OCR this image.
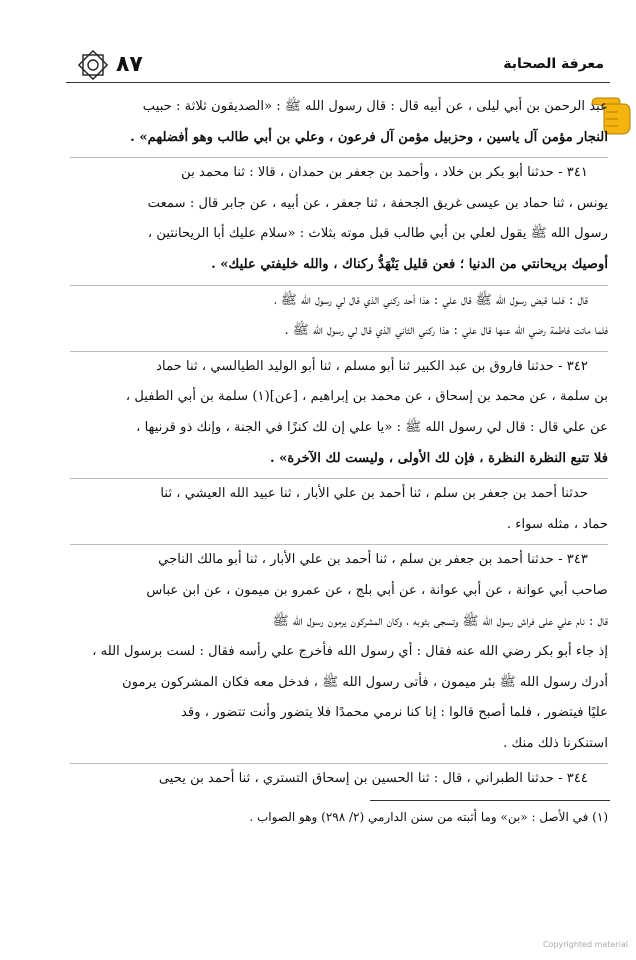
٨٧	معرفة الصحابة

عبد الرحمن بن أبي ليلى ، عن أبيه قال : قال رسول الله ﷺ : «الصديقون ثلاثة : حبيب
النجار مؤمن آل ياسين ، وحزبيل مؤمن آل فرعون ، وعلي بن أبي طالب وهو أفضلهم» .

٣٤١ - حدثنا أبو بكر بن خلاد ، وأحمد بن جعفر بن حمدان ، قالا : ثنا محمد بن
يونس ، ثنا حماد بن عيسى غريق الجحفة ، ثنا جعفر ، عن أبيه ، عن جابر قال : سمعت
رسول الله ﷺ يقول لعلي بن أبي طالب قبل موته بثلاث : «سلام عليك أبا الريحانتين ،
أوصيك بريحانتي من الدنيا ؛ فعن قليل يَنْهَدُّ ركناك ، والله خليفتي عليك» .

قال : فلما قبض رسول الله ﷺ قال علي : هذا أحد ركني الذي قال لي رسول الله ﷺ ،
فلما ماتت فاطمة رضي الله عنها قال علي : هذا ركني الثاني الذي قال لي رسول الله ﷺ .

٣٤٢ - حدثنا فاروق بن عبد الكبير ثنا أبو مسلم ، ثنا أبو الوليد الطيالسي ، ثنا حماد
بن سلمة ، عن محمد بن إسحاق ، عن محمد بن إبراهيم ، [عن](١) سلمة بن أبي الطفيل ،
عن علي قال : قال لي رسول الله ﷺ : «يا علي إن لك كنزًا في الجنة ، وإنك ذو قرنيها ،
فلا تتبع النظرة النظرة ، فإن لك الأولى ، وليست لك الآخرة» .

حدثنا أحمد بن جعفر بن سلم ، ثنا أحمد بن علي الأبار ، ثنا عبيد الله العيشي ، ثنا
حماد ، مثله سواء .

٣٤٣ - حدثنا أحمد بن جعفر بن سلم ، ثنا أحمد بن علي الأبار ، ثنا أبو مالك الناجي
صاحب أبي عوانة ، عن أبي عوانة ، عن أبي بلج ، عن عمرو بن ميمون ، عن ابن عباس
قال : نام علي على فراش رسول الله ﷺ وتسجى بثوبه ، وكان المشركون يرمون رسول الله ﷺ
إذ جاء أبو بكر رضي الله عنه فقال : أي رسول الله فأخرج علي رأسه فقال : لست برسول الله ،
أدرك رسول الله ﷺ بئر ميمون ، فأتى رسول الله ﷺ ، فدخل معه فكان المشركون يرمون
عليًا فيتضور ، فلما أصبح قالوا : إنا كنا نرمي محمدًا فلا يتضور وأنت تتضور ، وقد
استنكرنا ذلك منك .

٣٤٤ - حدثنا الطبراني ، قال : ثنا الحسين بن إسحاق التستري ، ثنا أحمد بن يحيى

(١) في الأصل : «بن» وما أثبته من سنن الدارمي (٢/ ٢٩٨) وهو الصواب .
Copyrighted material
